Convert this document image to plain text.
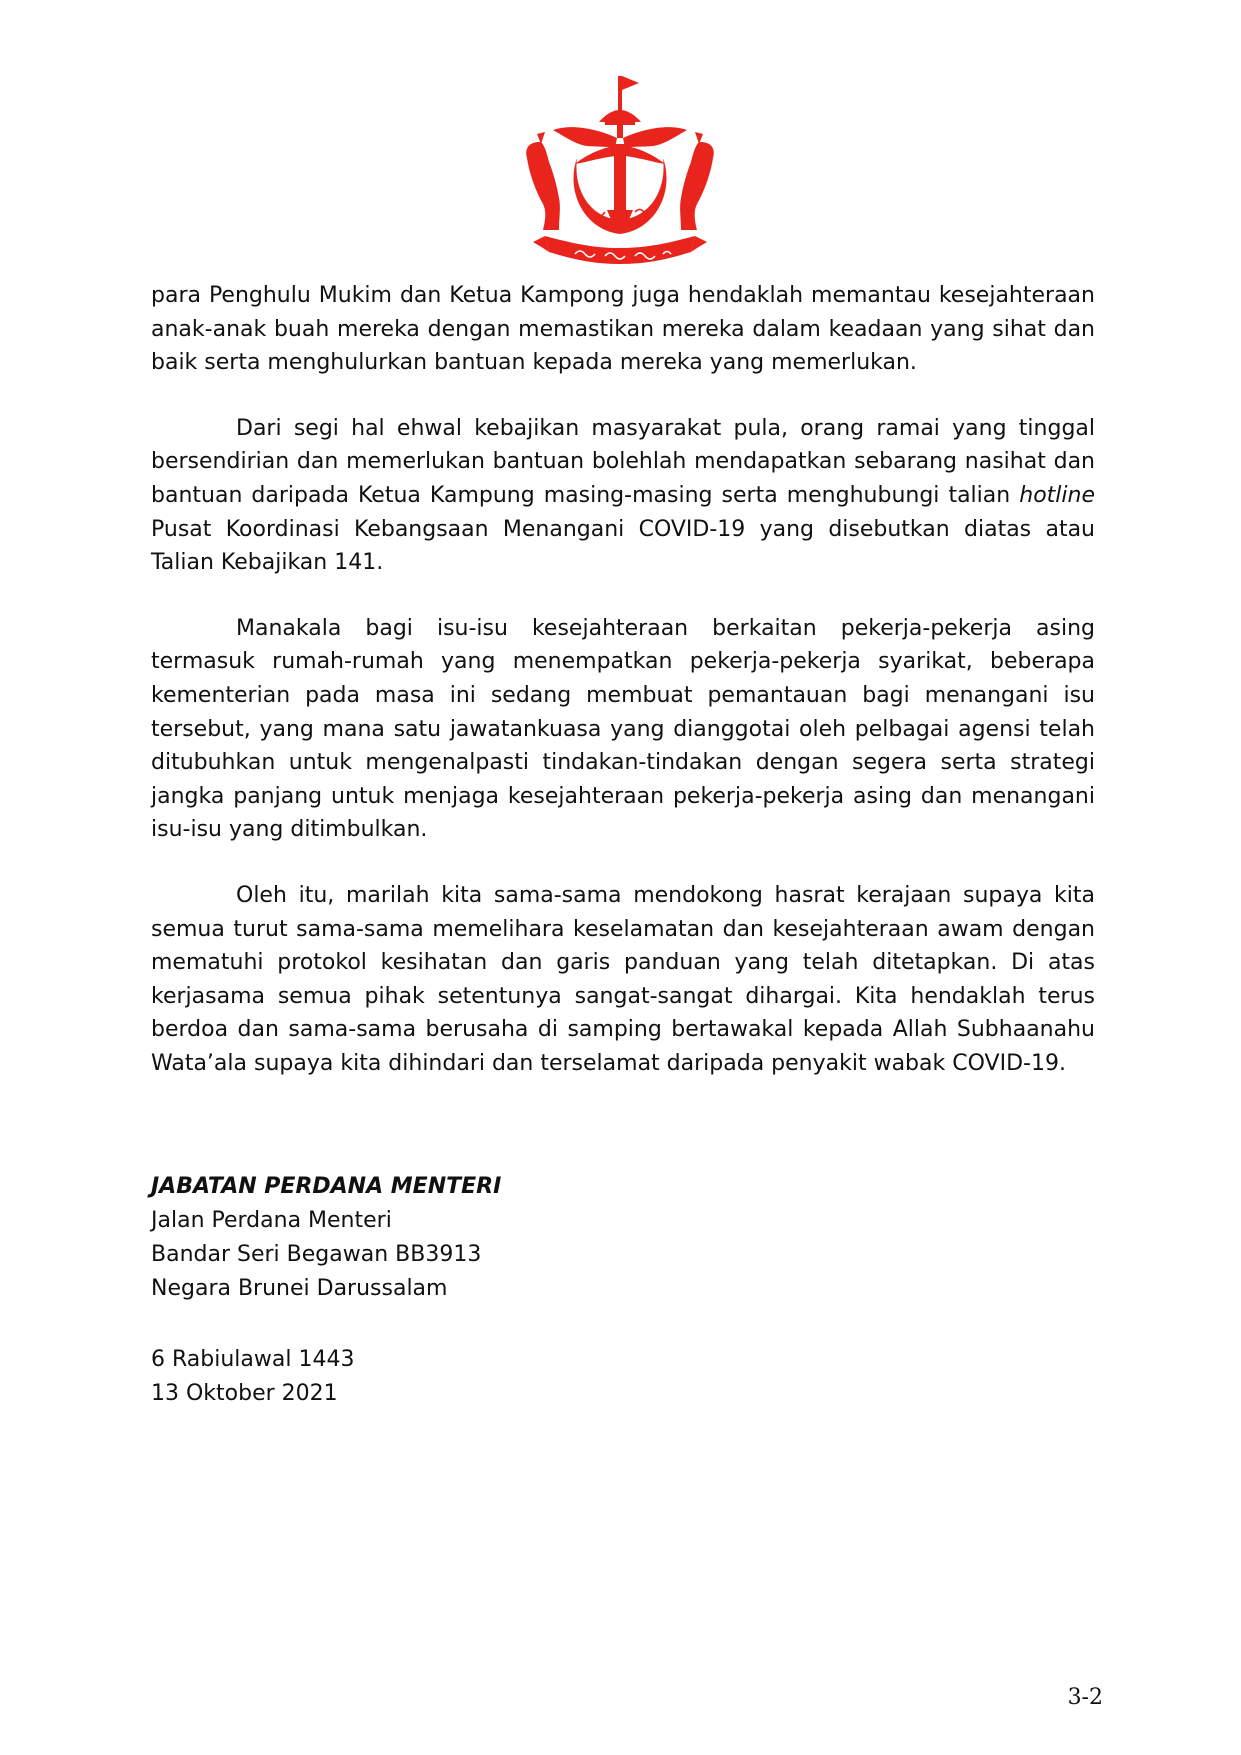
para Penghulu Mukim dan Ketua Kampong juga hendaklah memantau kesejahteraan anak-anak buah mereka dengan memastikan mereka dalam keadaan yang sihat dan baik serta menghulurkan bantuan kepada mereka yang memerlukan.

Dari segi hal ehwal kebajikan masyarakat pula, orang ramai yang tinggal bersendirian dan memerlukan bantuan bolehlah mendapatkan sebarang nasihat dan bantuan daripada Ketua Kampung masing-masing serta menghubungi talian hotline Pusat Koordinasi Kebangsaan Menangani COVID-19 yang disebutkan diatas atau Talian Kebajikan 141.

Manakala bagi isu-isu kesejahteraan berkaitan pekerja-pekerja asing termasuk rumah-rumah yang menempatkan pekerja-pekerja syarikat, beberapa kementerian pada masa ini sedang membuat pemantauan bagi menangani isu tersebut, yang mana satu jawatankuasa yang dianggotai oleh pelbagai agensi telah ditubuhkan untuk mengenalpasti tindakan-tindakan dengan segera serta strategi jangka panjang untuk menjaga kesejahteraan pekerja-pekerja asing dan menangani isu-isu yang ditimbulkan.

Oleh itu, marilah kita sama-sama mendokong hasrat kerajaan supaya kita semua turut sama-sama memelihara keselamatan dan kesejahteraan awam dengan mematuhi protokol kesihatan dan garis panduan yang telah ditetapkan. Di atas kerjasama semua pihak setentunya sangat-sangat dihargai. Kita hendaklah terus berdoa dan sama-sama berusaha di samping bertawakal kepada Allah Subhaanahu Wata’ala supaya kita dihindari dan terselamat daripada penyakit wabak COVID-19.

JABATAN PERDANA MENTERI
Jalan Perdana Menteri
Bandar Seri Begawan BB3913
Negara Brunei Darussalam
6 Rabiulawal 1443
13 Oktober 2021
3-2
